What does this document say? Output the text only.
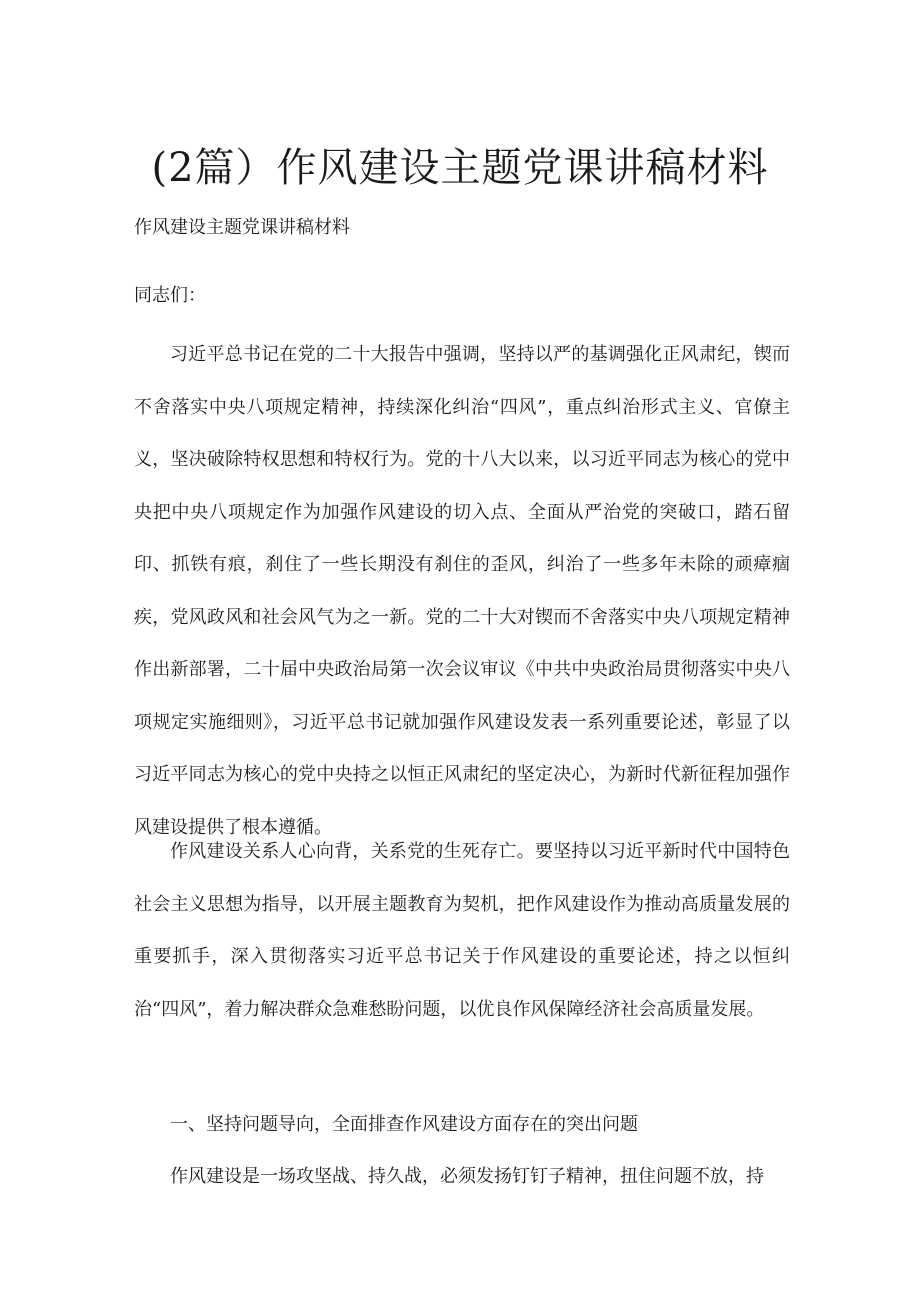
(2篇）作风建设主题党课讲稿材料

作风建设主题党课讲稿材料

同志们：

习近平总书记在党的二十大报告中强调，坚持以严的基调强化正风肃纪，锲而不舍落实中央八项规定精神，持续深化纠治“四风”，重点纠治形式主义、官僚主义，坚决破除特权思想和特权行为。党的十八大以来，以习近平同志为核心的党中央把中央八项规定作为加强作风建设的切入点、全面从严治党的突破口，踏石留印、抓铁有痕，刹住了一些长期没有刹住的歪风，纠治了一些多年未除的顽瘴痼疾，党风政风和社会风气为之一新。党的二十大对锲而不舍落实中央八项规定精神作出新部署，二十届中央政治局第一次会议审议《中共中央政治局贯彻落实中央八项规定实施细则》，习近平总书记就加强作风建设发表一系列重要论述，彰显了以习近平同志为核心的党中央持之以恒正风肃纪的坚定决心，为新时代新征程加强作风建设提供了根本遵循。

作风建设关系人心向背，关系党的生死存亡。要坚持以习近平新时代中国特色社会主义思想为指导，以开展主题教育为契机，把作风建设作为推动高质量发展的重要抓手，深入贯彻落实习近平总书记关于作风建设的重要论述，持之以恒纠治“四风”，着力解决群众急难愁盼问题，以优良作风保障经济社会高质量发展。

一、坚持问题导向，全面排查作风建设方面存在的突出问题

作风建设是一场攻坚战、持久战，必须发扬钉钉子精神，扭住问题不放，持
